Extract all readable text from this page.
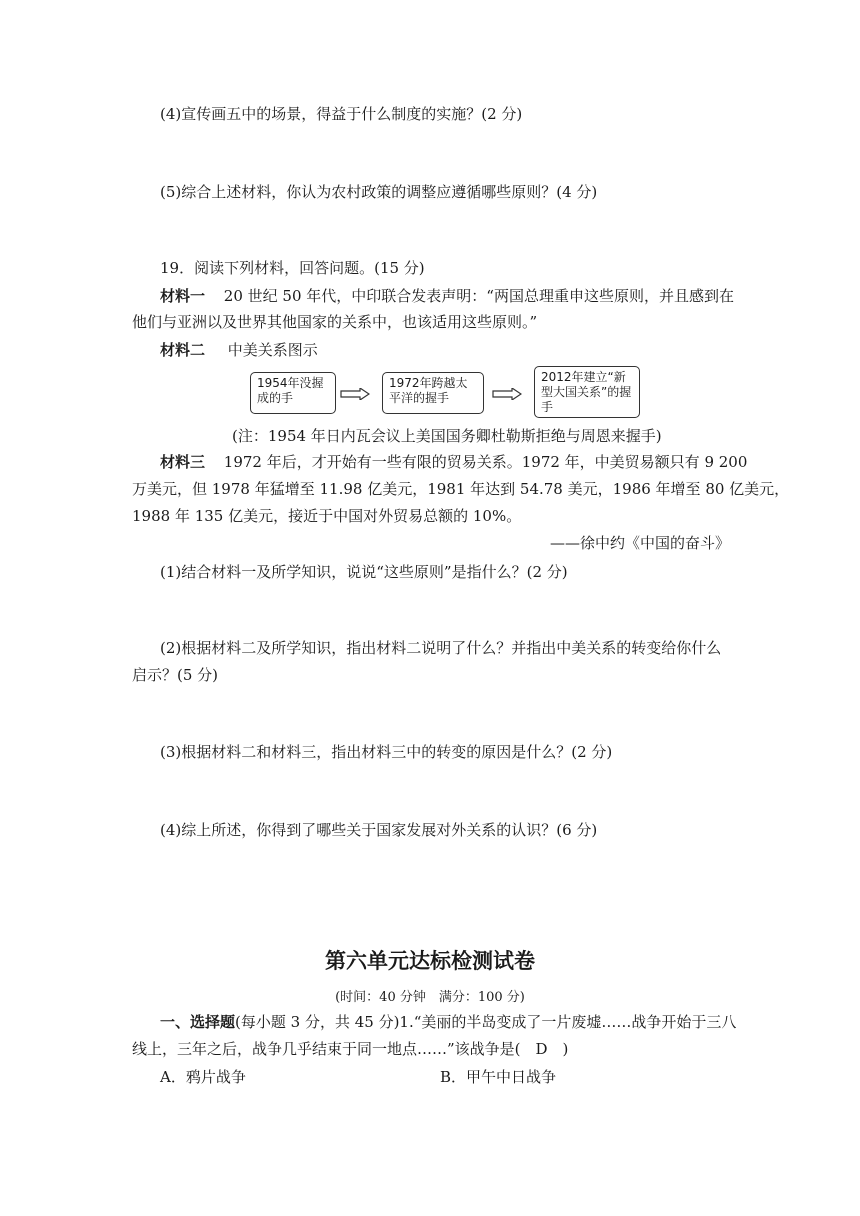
(4)宣传画五中的场景，得益于什么制度的实施？(2 分)
(5)综合上述材料，你认为农村政策的调整应遵循哪些原则？(4 分)
19．阅读下列材料，回答问题。(15 分)
材料一 20 世纪 50 年代，中印联合发表声明：“两国总理重申这些原则，并且感到在
他们与亚洲以及世界其他国家的关系中，也该适用这些原则。”
材料二 中美关系图示
1954年没握成的手
1972年跨越太平洋的握手
2012年建立“新型大国关系”的握手
(注：1954 年日内瓦会议上美国国务卿杜勒斯拒绝与周恩来握手)
材料三 1972 年后，才开始有一些有限的贸易关系。1972 年，中美贸易额只有 9 200
万美元，但 1978 年猛增至 11.98 亿美元，1981 年达到 54.78 美元，1986 年增至 80 亿美元，
1988 年 135 亿美元，接近于中国对外贸易总额的 10%。
——徐中约《中国的奋斗》
(1)结合材料一及所学知识，说说“这些原则”是指什么？(2 分)
(2)根据材料二及所学知识，指出材料二说明了什么？并指出中美关系的转变给你什么
启示？(5 分)
(3)根据材料二和材料三，指出材料三中的转变的原因是什么？(2 分)
(4)综上所述，你得到了哪些关于国家发展对外关系的认识？(6 分)
第六单元达标检测试卷
(时间：40 分钟　满分：100 分)
一、选择题(每小题 3 分，共 45 分)1.“美丽的半岛变成了一片废墟……战争开始于三八
线上，三年之后，战争几乎结束于同一地点……”该战争是(　D　)
A．鸦片战争	B．甲午中日战争
